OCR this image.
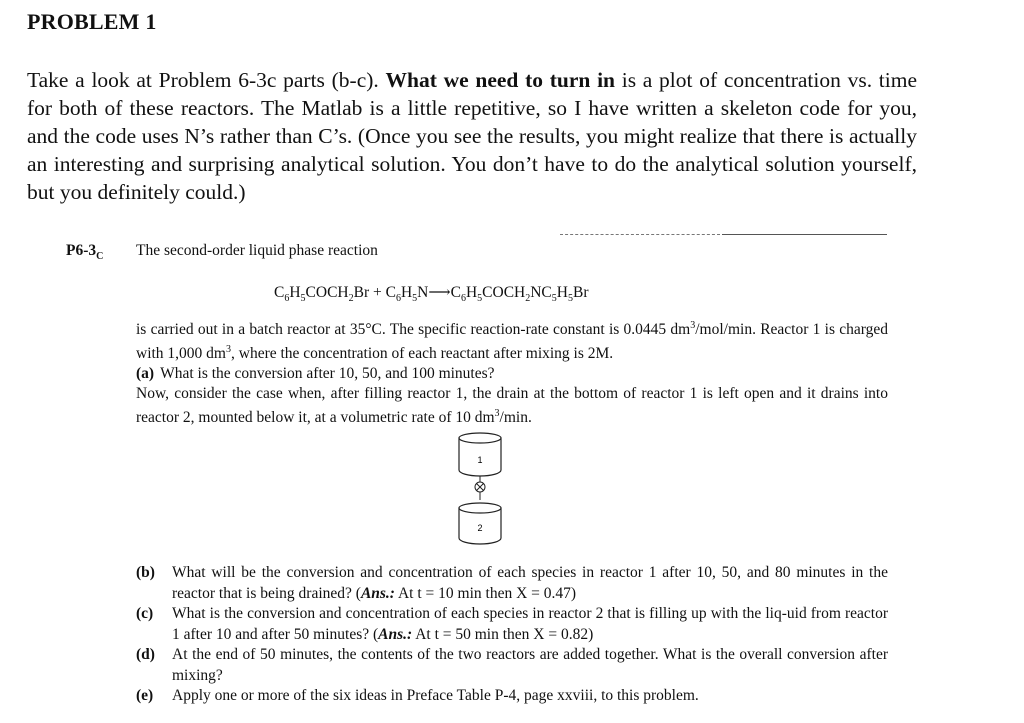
PROBLEM 1

Take a look at Problem 6-3c parts (b-c). What we need to turn in is a plot of concentration vs. time for both of these reactors. The Matlab is a little repetitive, so I have written a skeleton code for you, and the code uses N’s rather than C’s. (Once you see the results, you might realize that there is actually an interesting and surprising analytical solution. You don’t have to do the analytical solution yourself, but you definitely could.)

$P6-3_C$ The second-order liquid phase reaction
$C_6H_5COCH_2Br$ + $C_6H_5N⟶C_6H_5COCH_2NC_5H_5Br$
is carried out in a batch reactor at 35°C. The specific reaction-rate constant is 0.0445 $dm^3/mol/\min$. Reactor 1 is charged with 1,000 $dm^3$, where the concentration of each reactant after mixing is 2M.
(a) What is the conversion after 10, 50, and 100 minutes?
Now, consider the case when, after filling reactor 1, the drain at the bottom of reactor 1 is left open and it drains into reactor 2, mounted below it, at a volumetric rate of 10 $dm^3/\min$.
1
2
(b)	What will be the conversion and concentration of each species in reactor 1 after 10, 50, and 80 minutes in the reactor that is being drained? (Ans.: At t = 10 min then X = 0.47)
(c)	What is the conversion and concentration of each species in reactor 2 that is filling up with the liq-uid from reactor 1 after 10 and after 50 minutes? (Ans.: At t = 50 min then X = 0.82)
(d)	At the end of 50 minutes, the contents of the two reactors are added together. What is the overall conversion after mixing?
(e)	Apply one or more of the six ideas in Preface Table P-4, page xxviii, to this problem.
